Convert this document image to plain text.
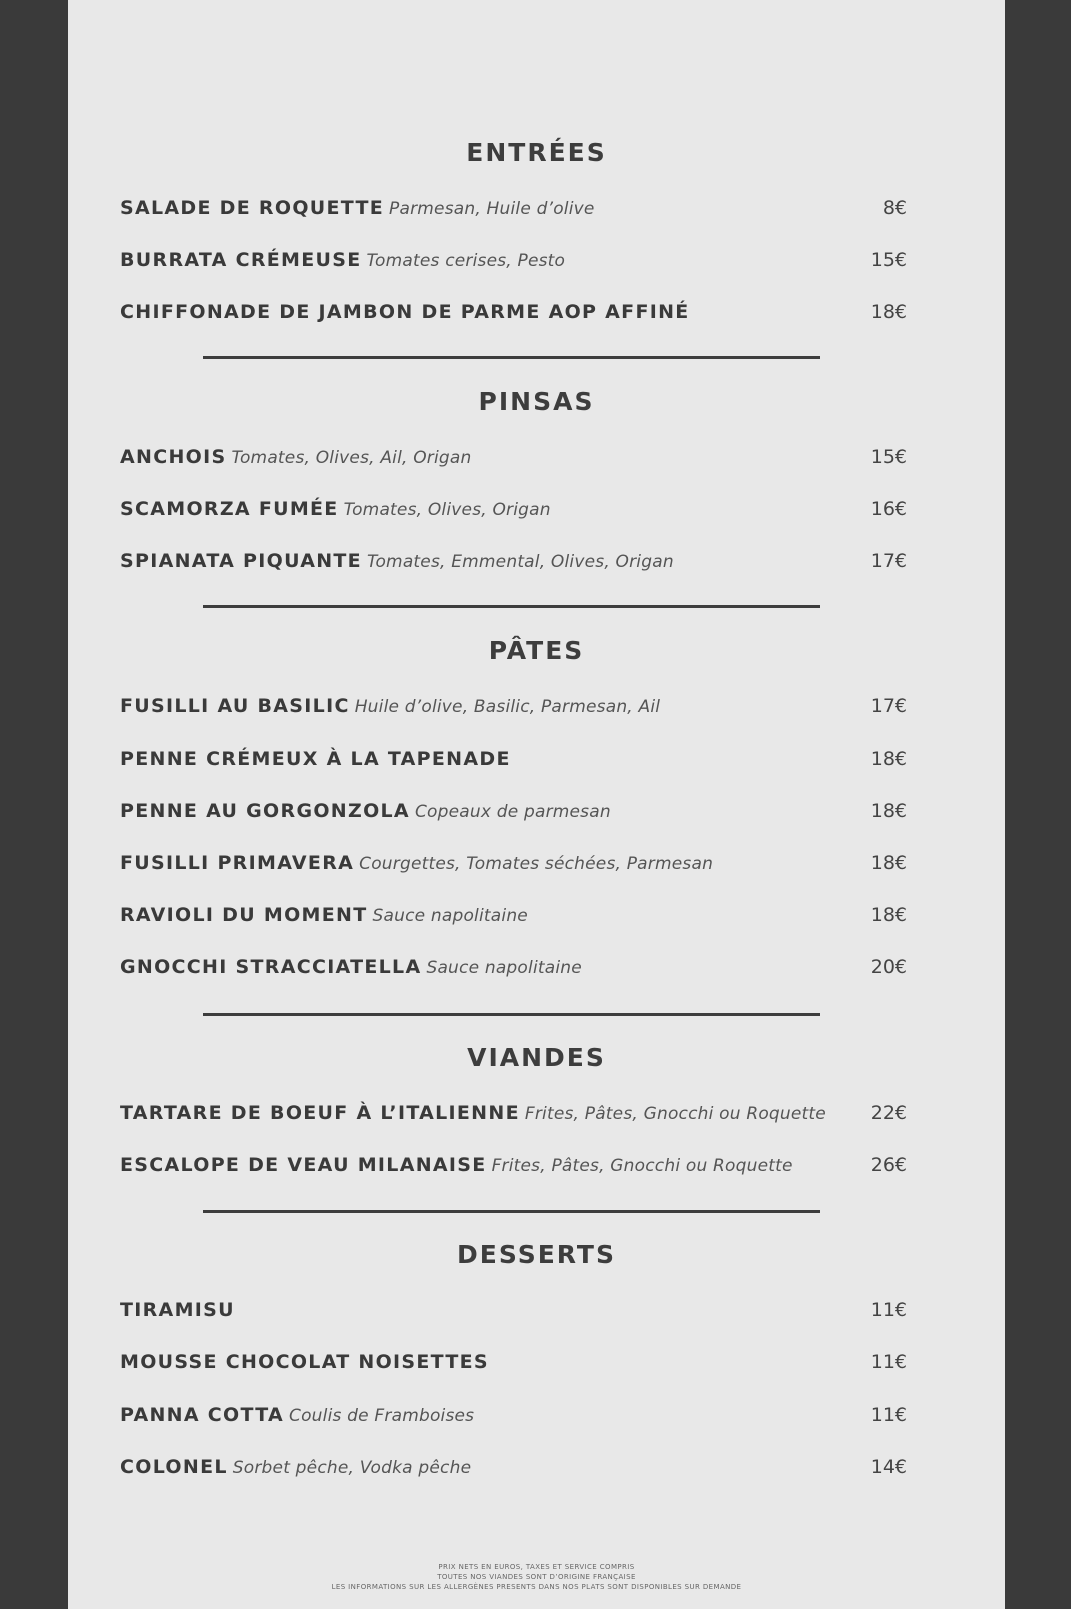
ENTRÉES
SALADE DE ROQUETTE Parmesan, Huile d’olive	8€
BURRATA CRÉMEUSE Tomates cerises, Pesto	15€
CHIFFONADE DE JAMBON DE PARME AOP AFFINÉ	18€
PINSAS
ANCHOIS Tomates, Olives, Ail, Origan	15€
SCAMORZA FUMÉE Tomates, Olives, Origan	16€
SPIANATA PIQUANTE Tomates, Emmental, Olives, Origan	17€
PÂTES
FUSILLI AU BASILIC Huile d’olive, Basilic, Parmesan, Ail	17€
PENNE CRÉMEUX À LA TAPENADE	18€
PENNE AU GORGONZOLA Copeaux de parmesan	18€
FUSILLI PRIMAVERA Courgettes, Tomates séchées, Parmesan	18€
RAVIOLI DU MOMENT Sauce napolitaine	18€
GNOCCHI STRACCIATELLA Sauce napolitaine	20€
VIANDES
TARTARE DE BOEUF À L’ITALIENNE Frites, Pâtes, Gnocchi ou Roquette 22€
ESCALOPE DE VEAU MILANAISE Frites, Pâtes, Gnocchi ou Roquette	26€
DESSERTS
TIRAMISU	11€
MOUSSE CHOCOLAT NOISETTES	11€
PANNA COTTA Coulis de Framboises	11€
COLONEL Sorbet pêche, Vodka pêche	14€
PRIX NETS EN EUROS, TAXES ET SERVICE COMPRIS
TOUTES NOS VIANDES SONT D’ORIGINE FRANÇAISE
LES INFORMATIONS SUR LES ALLERGÈNES PRESENTS DANS NOS PLATS SONT DISPONIBLES SUR DEMANDE
